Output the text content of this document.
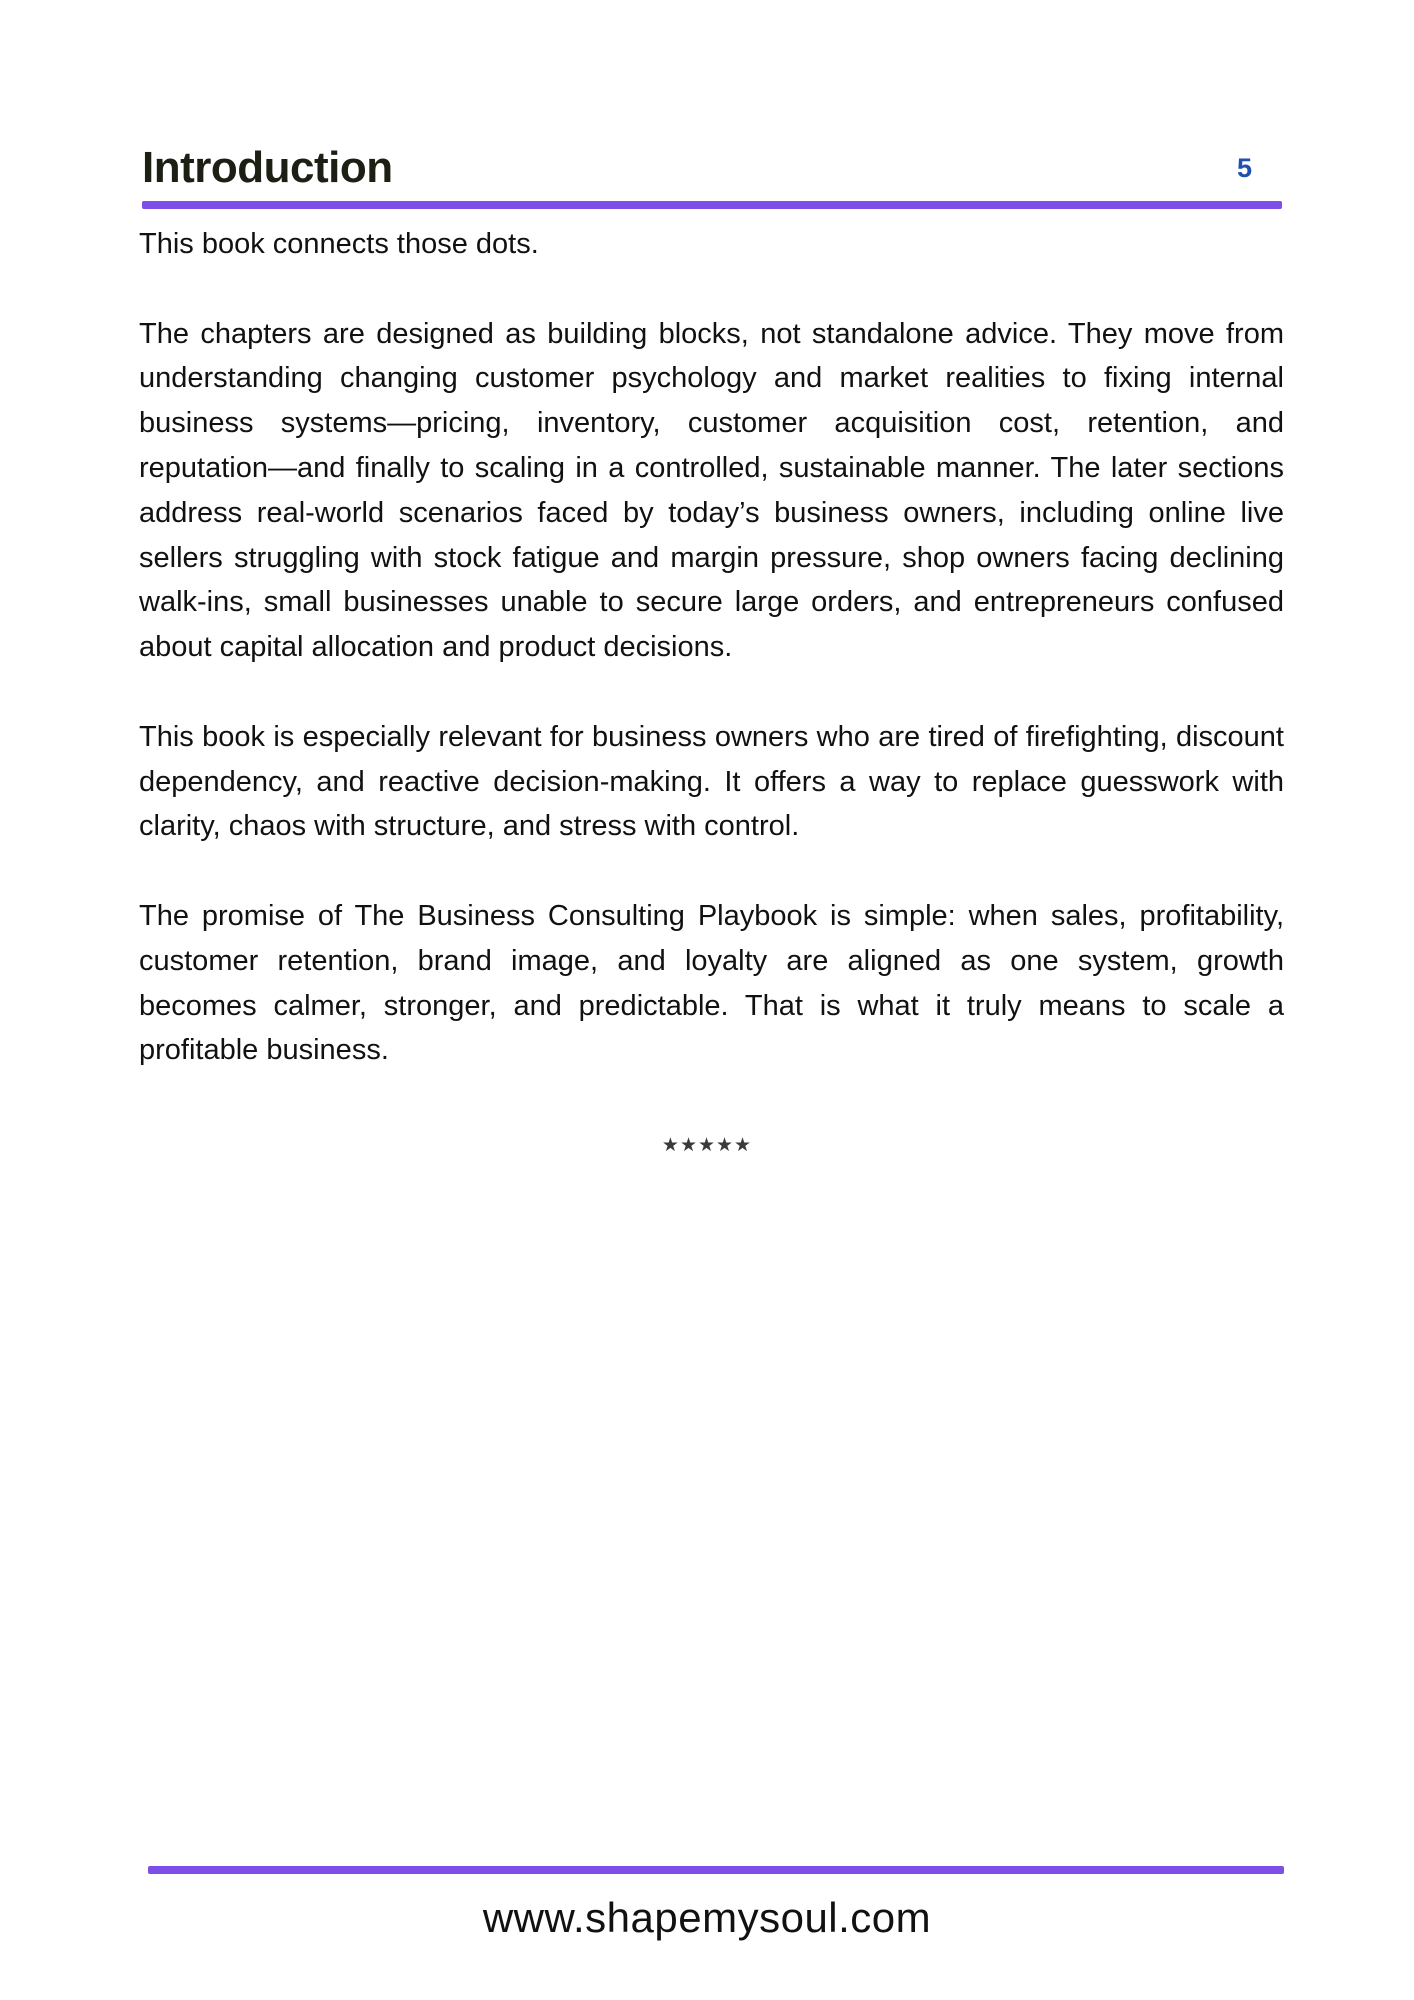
Introduction	5

This book connects those dots.

The chapters are designed as building blocks, not standalone advice. They move from understanding changing customer psychology and market realities to fixing internal business systems—pricing, inventory, customer acquisition cost, retention, and reputation—and finally to scaling in a controlled, sustainable manner. The later sections address real-world scenarios faced by today’s business owners, including online live sellers struggling with stock fatigue and margin pressure, shop owners facing declining walk-ins, small businesses unable to secure large orders, and entrepreneurs confused about capital allocation and product decisions.

This book is especially relevant for business owners who are tired of firefighting, discount dependency, and reactive decision-making. It offers a way to replace guesswork with clarity, chaos with structure, and stress with control.

The promise of The Business Consulting Playbook is simple: when sales, profitability, customer retention, brand image, and loyalty are aligned as one system, growth becomes calmer, stronger, and predictable. That is what it truly means to scale a profitable business.

★★★★★
www.shapemysoul.com
